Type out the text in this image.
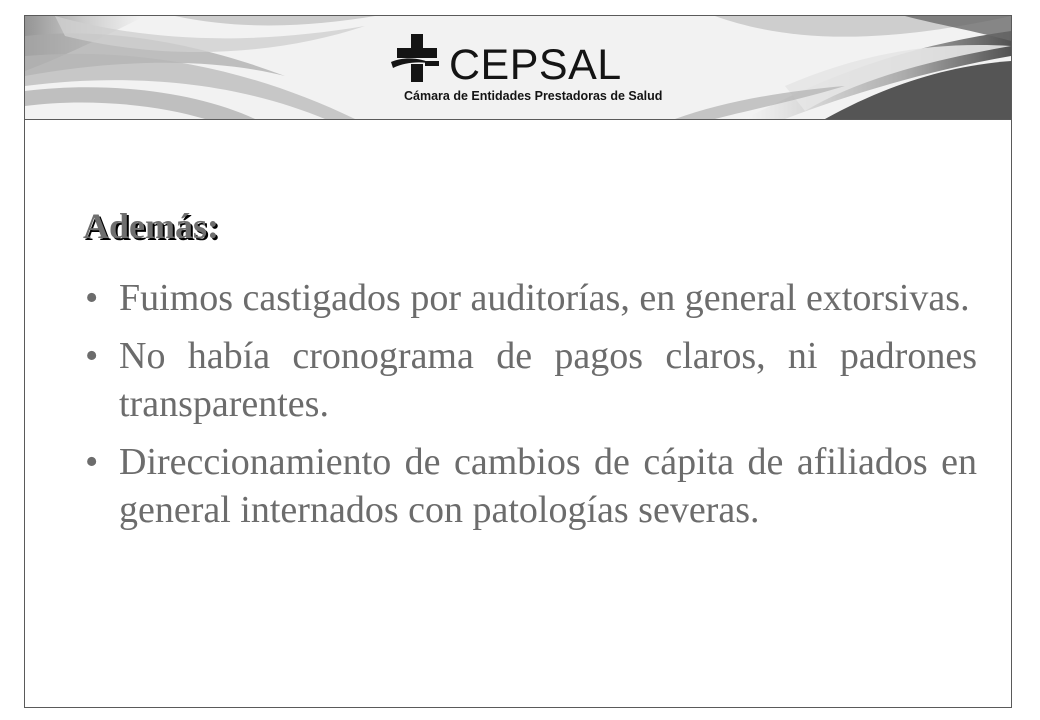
CEPSAL

Cámara de Entidades Prestadoras de Salud

Además:
• Fuimos castigados por auditorías, en general extorsivas.
• No había cronograma de pagos claros, ni padrones transparentes.
• Direccionamiento de cambios de cápita de afiliados en general internados con patologías severas.
